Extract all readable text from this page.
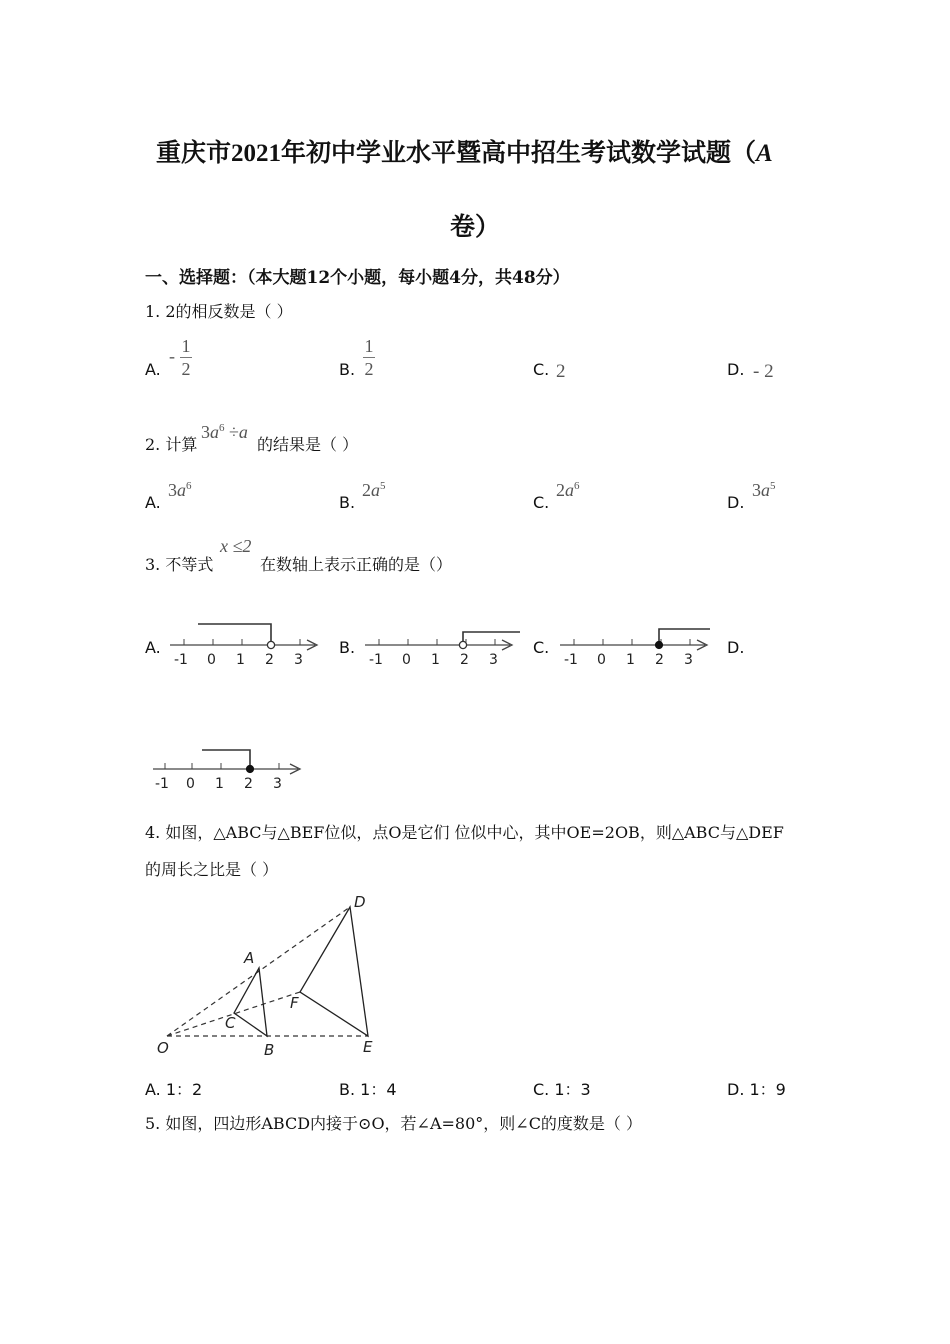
重庆市2021年初中学业水平暨高中招生考试数学试题（A
卷）
一、选择题：（本大题12个小题，每小题4分，共48分）
1. 2的相反数是（ ）
A.
- 1
2	B.
1
2	C. 2	D. - 2
2. 计算
$3a^6 \div a$
的结果是（ ）
A.
$3a^6$
B.
$2a^5$
C.
$2a^6$
D.
$3a^5$
3. 不等式
x ≤2
在数轴上表示正确的是（）
A.	B.	C.	D.
-1 0 1 2 3	-1 0 1 2 3	-1 0 1 2 3
-1 0 1 2 3
4. 如图，△ABC与△BEF位似，点O是它们 位似中心，其中OE=2OB，则△ABC与△DEF
的周长之比是（ ）
D
A
F
C
O	B	E
A. 1：2	B. 1：4	C. 1：3	D. 1：9
5. 如图，四边形ABCD内接于⊙O，若∠A=80°，则∠C的度数是（ ）
